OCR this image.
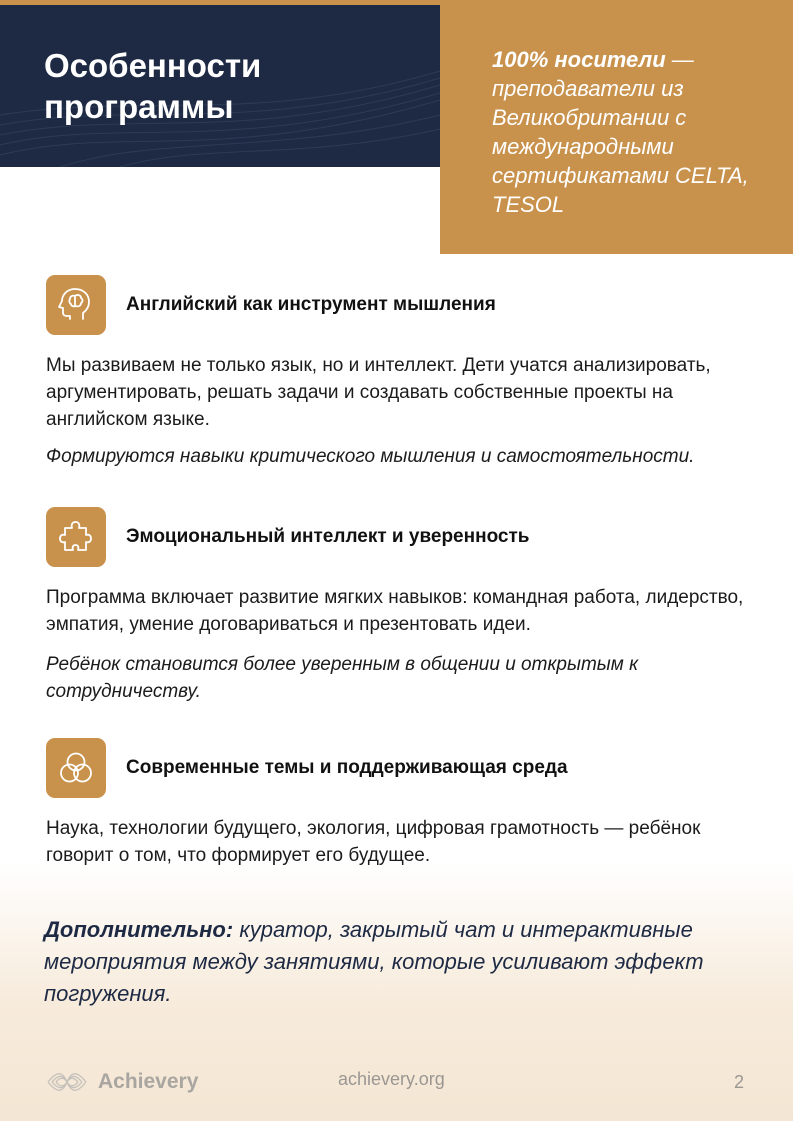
Особенности программы
100% носители — преподаватели из Великобритании с международными сертификатами CELTA, TESOL
Английский как инструмент мышления

Мы развиваем не только язык, но и интеллект. Дети учатся анализировать, аргументировать, решать задачи и создавать собственные проекты на английском языке.

Формируются навыки критического мышления и самостоятельности.

Эмоциональный интеллект и уверенность

Программа включает развитие мягких навыков: командная работа, лидерство, эмпатия, умение договариваться и презентовать идеи.

Ребёнок становится более уверенным в общении и открытым к сотрудничеству.

Современные темы и поддерживающая среда

Наука, технологии будущего, экология, цифровая грамотность — ребёнок говорит о том, что формирует его будущее.

Дополнительно: куратор, закрытый чат и интерактивные мероприятия между занятиями, которые усиливают эффект погружения.

Achievery	achievery.org	2
